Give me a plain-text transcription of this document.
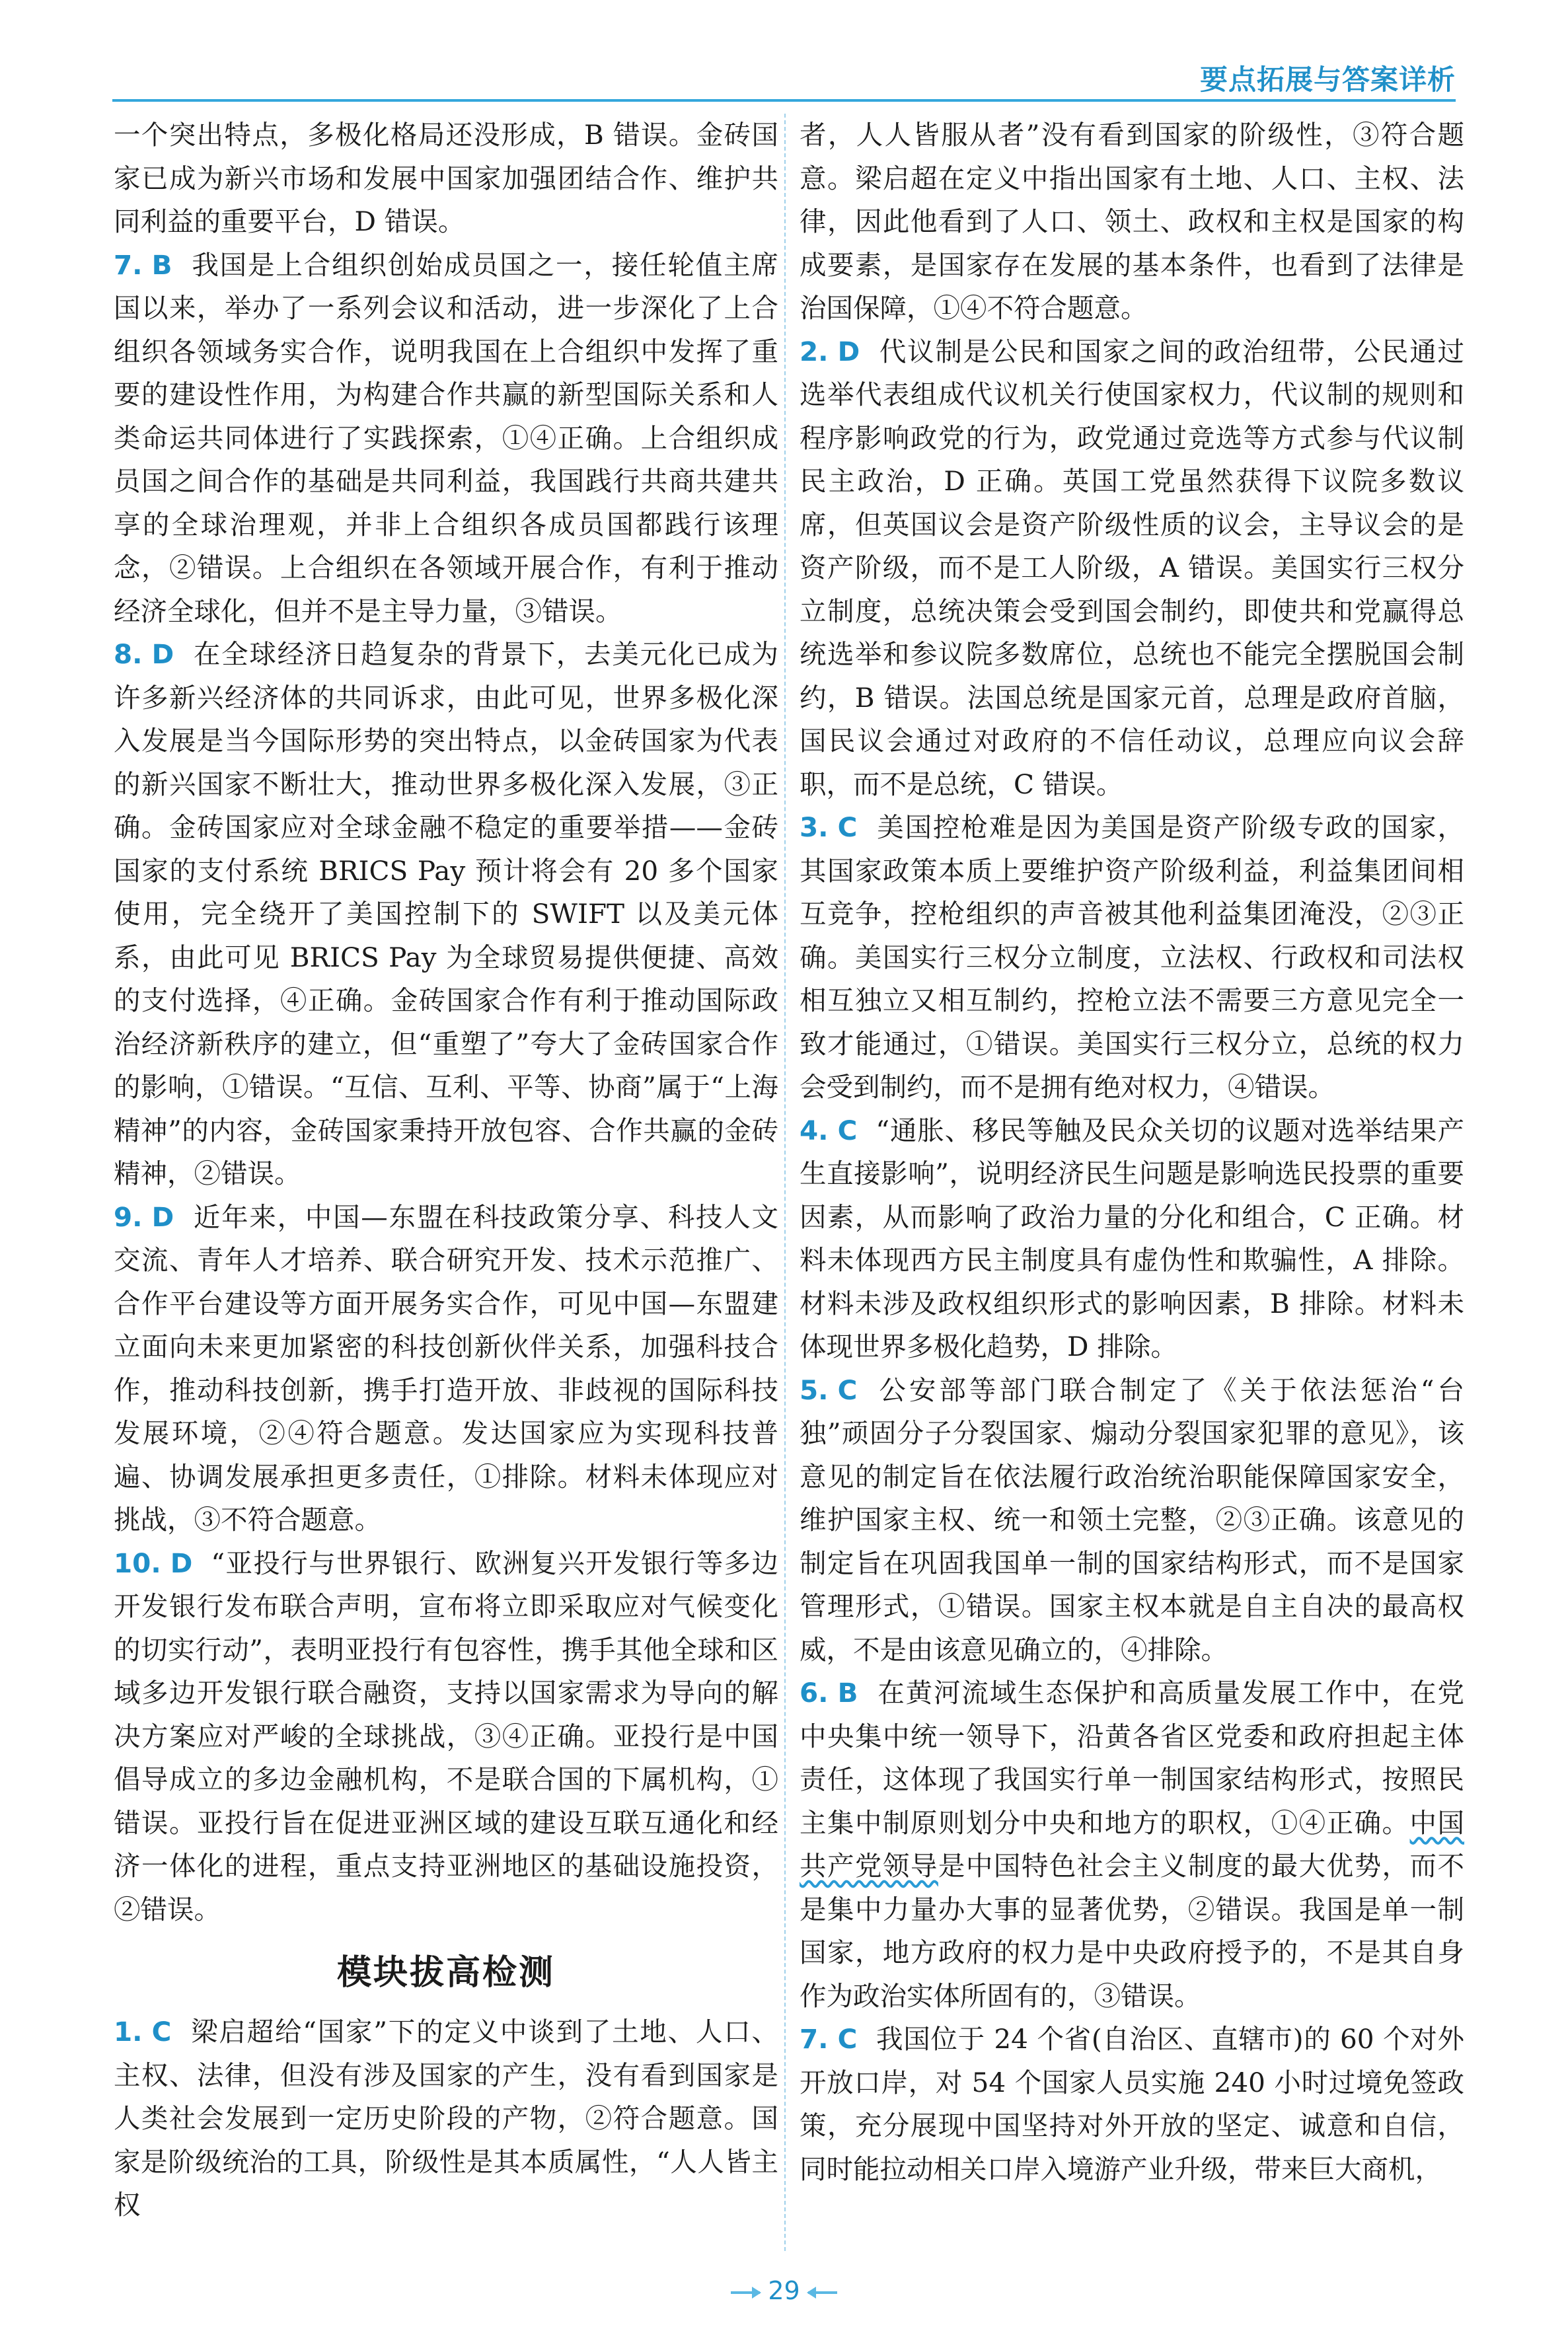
要点拓展与答案详析

一个突出特点，多极化格局还没形成，B 错误。金砖国家已成为新兴市场和发展中国家加强团结合作、维护共同利益的重要平台，D 错误。

7. B 我国是上合组织创始成员国之一，接任轮值主席国以来，举办了一系列会议和活动，进一步深化了上合组织各领域务实合作，说明我国在上合组织中发挥了重要的建设性作用，为构建合作共赢的新型国际关系和人类命运共同体进行了实践探索，①④正确。上合组织成员国之间合作的基础是共同利益，我国践行共商共建共享的全球治理观，并非上合组织各成员国都践行该理念，②错误。上合组织在各领域开展合作，有利于推动经济全球化，但并不是主导力量，③错误。

8. D 在全球经济日趋复杂的背景下，去美元化已成为许多新兴经济体的共同诉求，由此可见，世界多极化深入发展是当今国际形势的突出特点，以金砖国家为代表的新兴国家不断壮大，推动世界多极化深入发展，③正确。金砖国家应对全球金融不稳定的重要举措——金砖国家的支付系统 BRICS Pay 预计将会有 20 多个国家使用，完全绕开了美国控制下的 SWIFT 以及美元体系，由此可见 BRICS Pay 为全球贸易提供便捷、高效的支付选择，④正确。金砖国家合作有利于推动国际政治经济新秩序的建立，但“重塑了”夸大了金砖国家合作的影响，①错误。“互信、互利、平等、协商”属于“上海精神”的内容，金砖国家秉持开放包容、合作共赢的金砖精神，②错误。

9. D 近年来，中国—东盟在科技政策分享、科技人文交流、青年人才培养、联合研究开发、技术示范推广、合作平台建设等方面开展务实合作，可见中国—东盟建立面向未来更加紧密的科技创新伙伴关系，加强科技合作，推动科技创新，携手打造开放、非歧视的国际科技发展环境，②④符合题意。发达国家应为实现科技普遍、协调发展承担更多责任，①排除。材料未体现应对挑战，③不符合题意。

10. D “亚投行与世界银行、欧洲复兴开发银行等多边开发银行发布联合声明，宣布将立即采取应对气候变化的切实行动”，表明亚投行有包容性，携手其他全球和区域多边开发银行联合融资，支持以国家需求为导向的解决方案应对严峻的全球挑战，③④正确。亚投行是中国倡导成立的多边金融机构，不是联合国的下属机构，①错误。亚投行旨在促进亚洲区域的建设互联互通化和经济一体化的进程，重点支持亚洲地区的基础设施投资，②错误。

模块拔高检测

1. C 梁启超给“国家”下的定义中谈到了土地、人口、主权、法律，但没有涉及国家的产生，没有看到国家是人类社会发展到一定历史阶段的产物，②符合题意。国家是阶级统治的工具，阶级性是其本质属性，“人人皆主权

者，人人皆服从者”没有看到国家的阶级性，③符合题意。梁启超在定义中指出国家有土地、人口、主权、法律，因此他看到了人口、领土、政权和主权是国家的构成要素，是国家存在发展的基本条件，也看到了法律是治国保障，①④不符合题意。

2. D 代议制是公民和国家之间的政治纽带，公民通过选举代表组成代议机关行使国家权力，代议制的规则和程序影响政党的行为，政党通过竞选等方式参与代议制民主政治，D 正确。英国工党虽然获得下议院多数议席，但英国议会是资产阶级性质的议会，主导议会的是资产阶级，而不是工人阶级，A 错误。美国实行三权分立制度，总统决策会受到国会制约，即使共和党赢得总统选举和参议院多数席位，总统也不能完全摆脱国会制约，B 错误。法国总统是国家元首，总理是政府首脑，国民议会通过对政府的不信任动议，总理应向议会辞职，而不是总统，C 错误。

3. C 美国控枪难是因为美国是资产阶级专政的国家，其国家政策本质上要维护资产阶级利益，利益集团间相互竞争，控枪组织的声音被其他利益集团淹没，②③正确。美国实行三权分立制度，立法权、行政权和司法权相互独立又相互制约，控枪立法不需要三方意见完全一致才能通过，①错误。美国实行三权分立，总统的权力会受到制约，而不是拥有绝对权力，④错误。

4. C “通胀、移民等触及民众关切的议题对选举结果产生直接影响”，说明经济民生问题是影响选民投票的重要因素，从而影响了政治力量的分化和组合，C 正确。材料未体现西方民主制度具有虚伪性和欺骗性，A 排除。材料未涉及政权组织形式的影响因素，B 排除。材料未体现世界多极化趋势，D 排除。

5. C 公安部等部门联合制定了《关于依法惩治“台独”顽固分子分裂国家、煽动分裂国家犯罪的意见》，该意见的制定旨在依法履行政治统治职能保障国家安全，维护国家主权、统一和领土完整，②③正确。该意见的制定旨在巩固我国单一制的国家结构形式，而不是国家管理形式，①错误。国家主权本就是自主自决的最高权威，不是由该意见确立的，④排除。

6. B 在黄河流域生态保护和高质量发展工作中，在党中央集中统一领导下，沿黄各省区党委和政府担起主体责任，这体现了我国实行单一制国家结构形式，按照民主集中制原则划分中央和地方的职权，①④正确。中国共产党领导是中国特色社会主义制度的最大优势，而不是集中力量办大事的显著优势，②错误。我国是单一制国家，地方政府的权力是中央政府授予的，不是其自身作为政治实体所固有的，③错误。

7. C 我国位于 24 个省(自治区、直辖市)的 60 个对外开放口岸，对 54 个国家人员实施 240 小时过境免签政策，充分展现中国坚持对外开放的坚定、诚意和自信，同时能拉动相关口岸入境游产业升级，带来巨大商机，

29
